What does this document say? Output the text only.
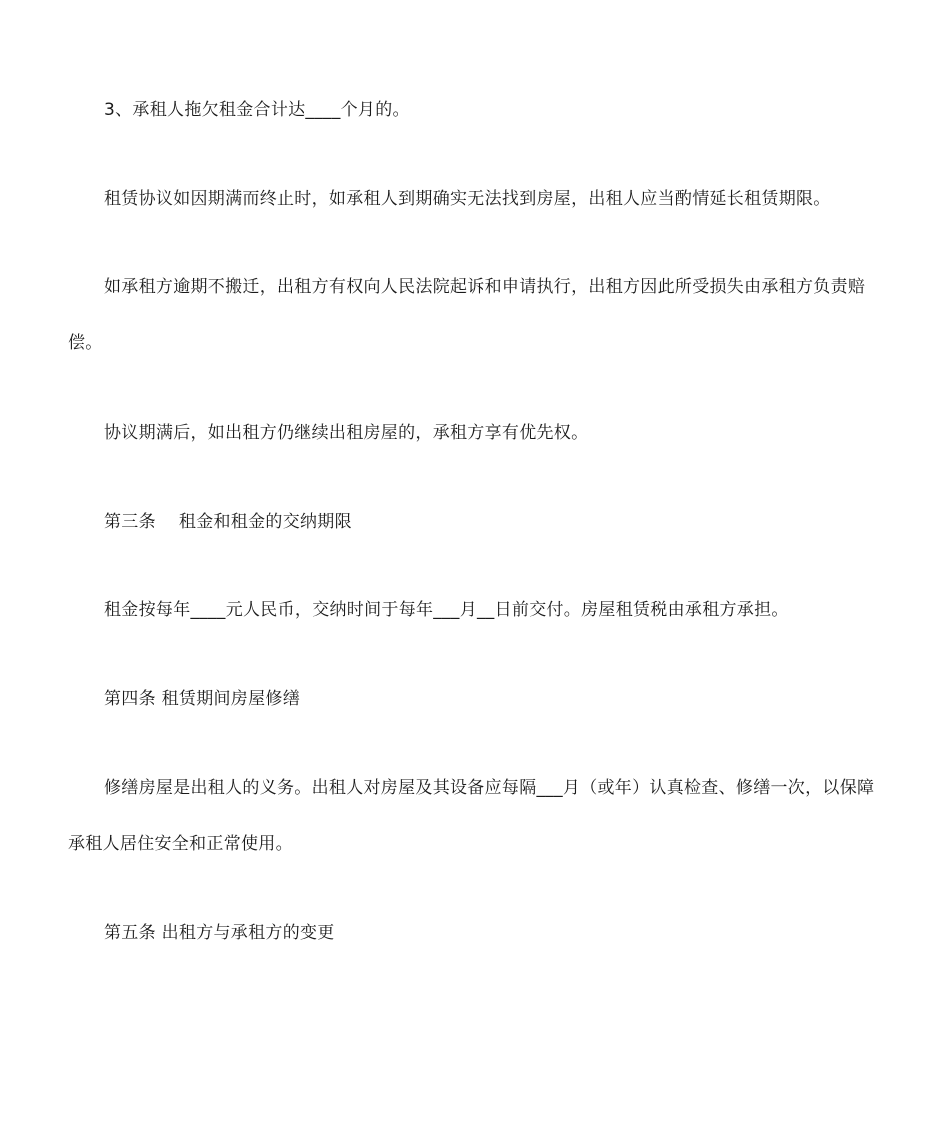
3、承租人拖欠租金合计达____个月的。

租赁协议如因期满而终止时，如承租人到期确实无法找到房屋，出租人应当酌情延长租赁期限。

如承租方逾期不搬迁，出租方有权向人民法院起诉和申请执行，出租方因此所受损失由承租方负责赔偿。

协议期满后，如出租方仍继续出租房屋的，承租方享有优先权。

第三条　 租金和租金的交纳期限

租金按每年____元人民币，交纳时间于每年___月__日前交付。房屋租赁税由承租方承担。

第四条 租赁期间房屋修缮

修缮房屋是出租人的义务。出租人对房屋及其设备应每隔___月（或年）认真检查、修缮一次，以保障承租人居住安全和正常使用。

第五条 出租方与承租方的变更
